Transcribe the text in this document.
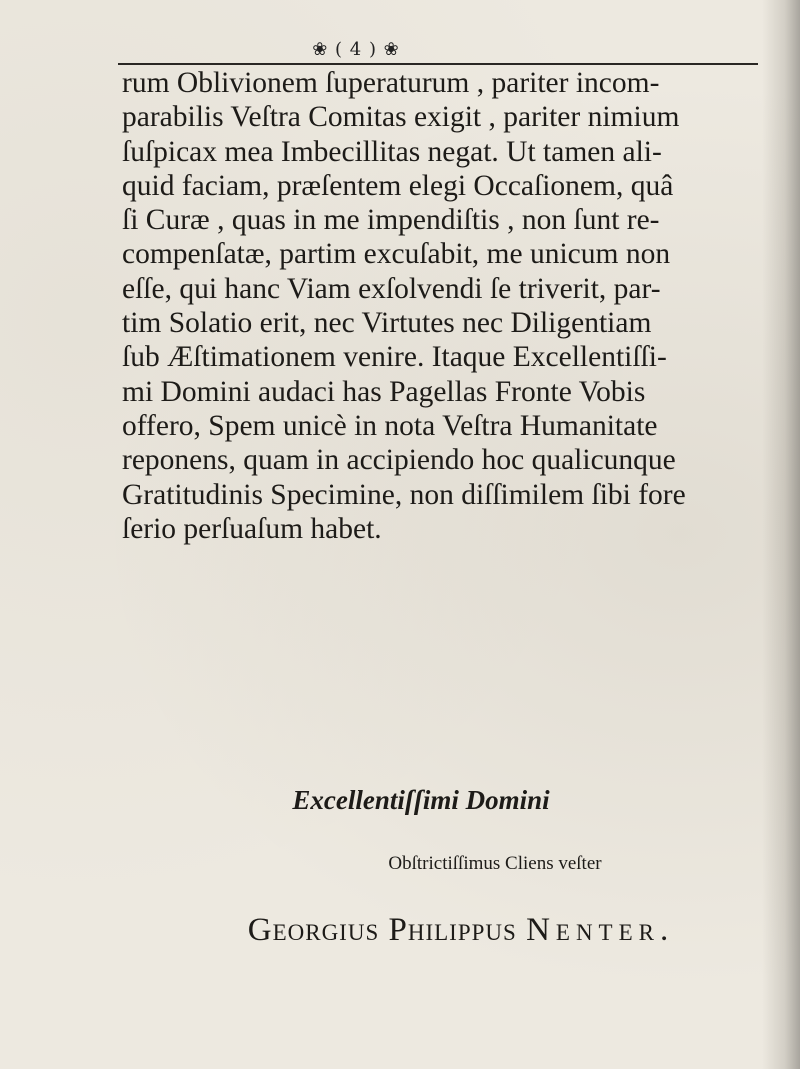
❀ ( 4 ) ❀
rum Oblivionem ſuperaturum , pariter incom-
parabilis Veſtra Comitas exigit , pariter nimium
ſuſpicax mea Imbecillitas negat. Ut tamen ali-
quid faciam, præſentem elegi Occaſionem, quâ
ſi Curæ , quas in me impendiſtis , non ſunt re-
compenſatæ, partim excuſabit, me unicum non
eſſe, qui hanc Viam exſolvendi ſe triverit, par-
tim Solatio erit, nec Virtutes nec Diligentiam
ſub Æſtimationem venire. Itaque Excellentiſſi-
mi Domini audaci has Pagellas Fronte Vobis
offero, Spem unicè in nota Veſtra Humanitate
reponens, quam in accipiendo hoc qualicunque
Gratitudinis Specimine, non diſſimilem ſibi fore
ſerio perſuaſum habet.
Excellentiſſimi Domini
Obſtrictiſſimus Cliens veſter
Georgius Philippus Nenter.
